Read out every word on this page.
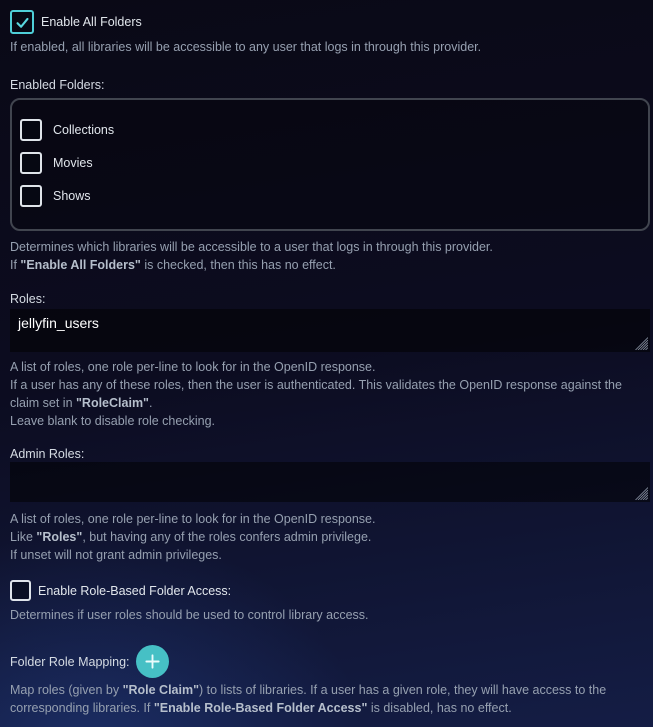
Enable All Folders
If enabled, all libraries will be accessible to any user that logs in through this provider.
Enabled Folders:
Collections
Movies
Shows
Determines which libraries will be accessible to a user that logs in through this provider.
If "Enable All Folders" is checked, then this has no effect.
Roles:
jellyfin_users
A list of roles, one role per-line to look for in the OpenID response.
If a user has any of these roles, then the user is authenticated. This validates the OpenID response against the
claim set in "RoleClaim".
Leave blank to disable role checking.
Admin Roles:
A list of roles, one role per-line to look for in the OpenID response.
Like "Roles", but having any of the roles confers admin privilege.
If unset will not grant admin privileges.
Enable Role-Based Folder Access:
Determines if user roles should be used to control library access.
Folder Role Mapping:
Map roles (given by "Role Claim") to lists of libraries. If a user has a given role, they will have access to the
corresponding libraries. If "Enable Role-Based Folder Access" is disabled, has no effect.
